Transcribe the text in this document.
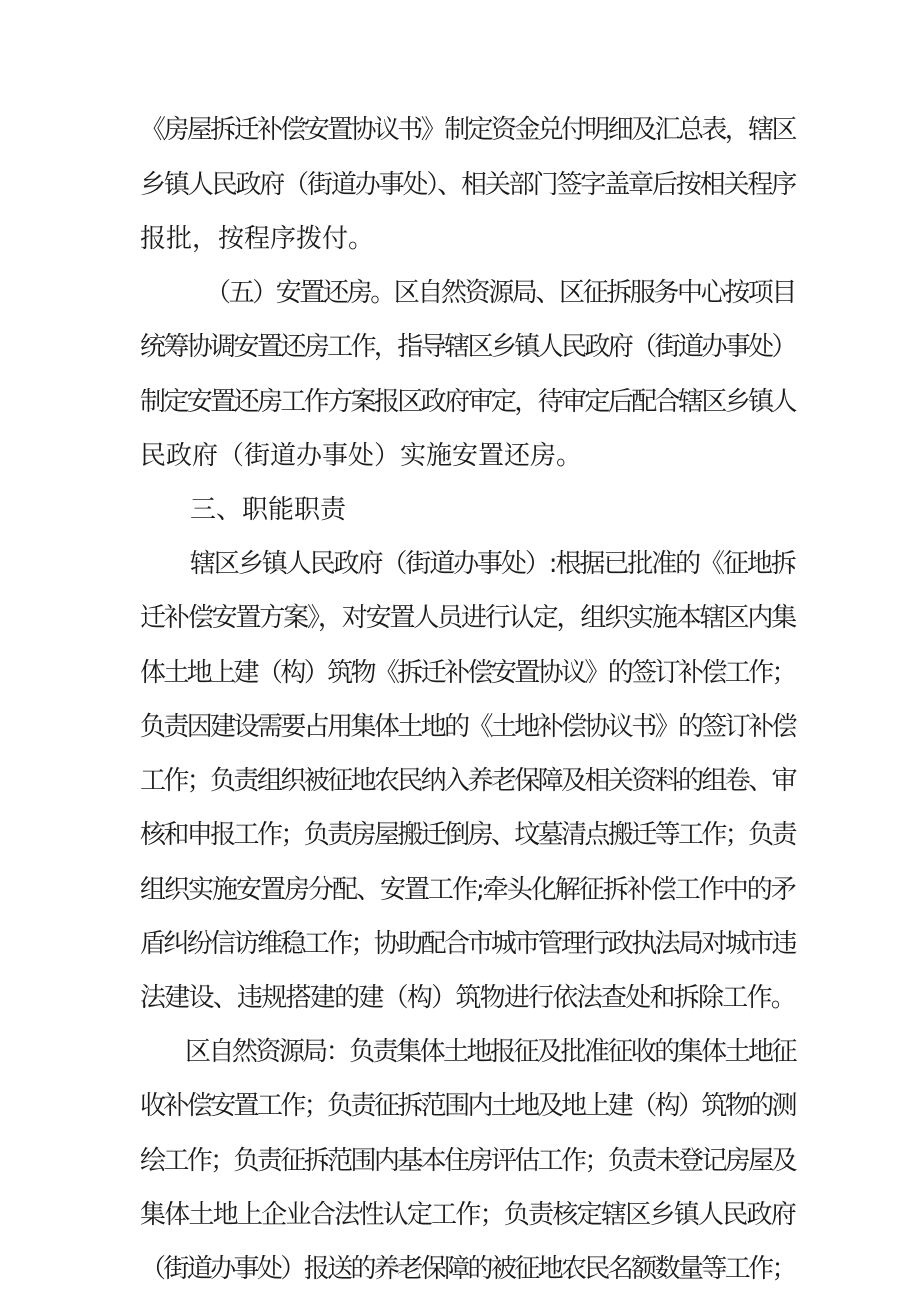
《房屋拆迁补偿安置协议书》制定资金兑付明细及汇总表，辖区
乡镇人民政府（街道办事处）、相关部门签字盖章后按相关程序
报批，按程序拨付。
（五）安置还房。区自然资源局、区征拆服务中心按项目
统筹协调安置还房工作，指导辖区乡镇人民政府（街道办事处）
制定安置还房工作方案报区政府审定，待审定后配合辖区乡镇人
民政府（街道办事处）实施安置还房。
三、职能职责
辖区乡镇人民政府（街道办事处）:根据已批准的《征地拆
迁补偿安置方案》，对安置人员进行认定，组织实施本辖区内集
体土地上建（构）筑物《拆迁补偿安置协议》的签订补偿工作；
负责因建设需要占用集体土地的《土地补偿协议书》的签订补偿
工作；负责组织被征地农民纳入养老保障及相关资料的组卷、审
核和申报工作；负责房屋搬迁倒房、坟墓清点搬迁等工作；负责
组织实施安置房分配、安置工作;牵头化解征拆补偿工作中的矛
盾纠纷信访维稳工作；协助配合市城市管理行政执法局对城市违
法建设、违规搭建的建（构）筑物进行依法查处和拆除工作。
区自然资源局：负责集体土地报征及批准征收的集体土地征
收补偿安置工作；负责征拆范围内土地及地上建（构）筑物的测
绘工作；负责征拆范围内基本住房评估工作；负责未登记房屋及
集体土地上企业合法性认定工作；负责核定辖区乡镇人民政府
（街道办事处）报送的养老保障的被征地农民名额数量等工作；
